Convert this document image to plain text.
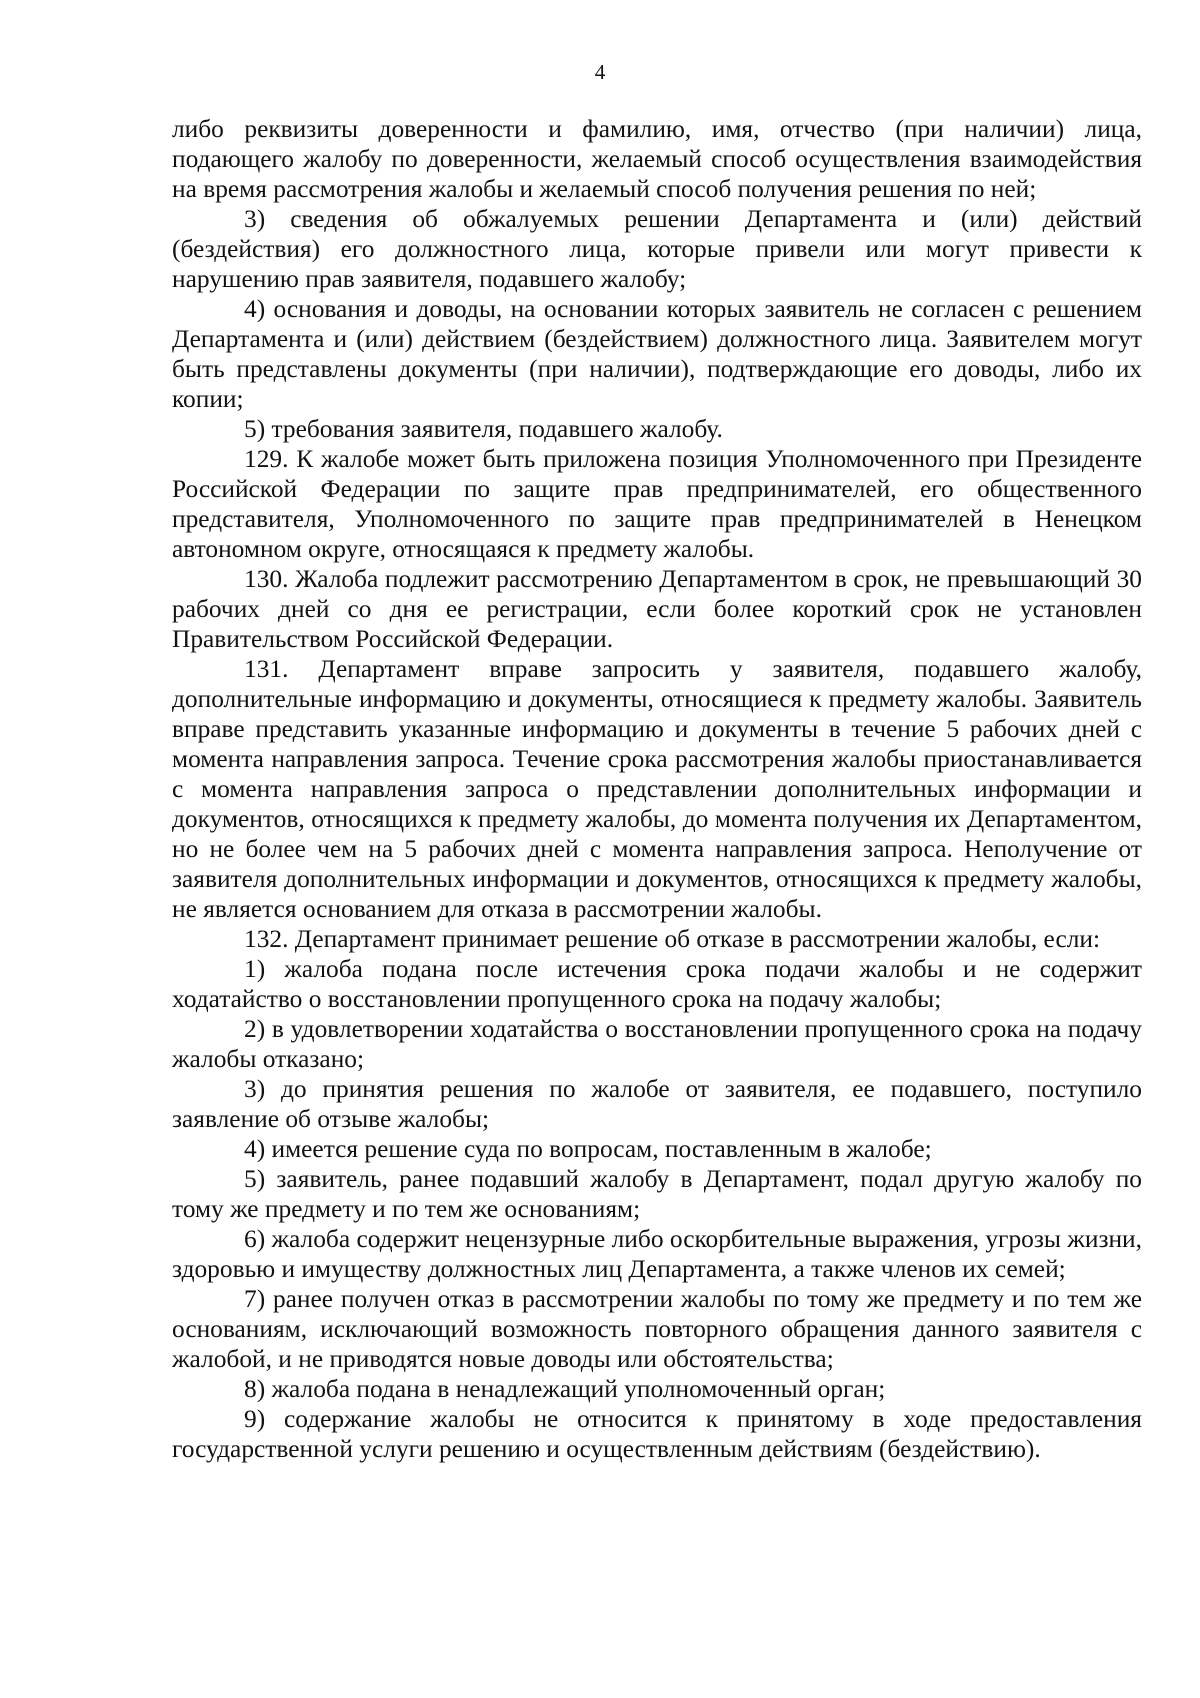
4

либо реквизиты доверенности и фамилию, имя, отчество (при наличии) лица, подающего жалобу по доверенности, желаемый способ осуществления взаимодействия на время рассмотрения жалобы и желаемый способ получения решения по ней;

3) сведения об обжалуемых решении Департамента и (или) действий (бездействия) его должностного лица, которые привели или могут привести к нарушению прав заявителя, подавшего жалобу;

4) основания и доводы, на основании которых заявитель не согласен с решением Департамента и (или) действием (бездействием) должностного лица. Заявителем могут быть представлены документы (при наличии), подтверждающие его доводы, либо их копии;

5) требования заявителя, подавшего жалобу.

129. К жалобе может быть приложена позиция Уполномоченного при Президенте Российской Федерации по защите прав предпринимателей, его общественного представителя, Уполномоченного по защите прав предпринимателей в Ненецком автономном округе, относящаяся к предмету жалобы.

130. Жалоба подлежит рассмотрению Департаментом в срок, не превышающий 30 рабочих дней со дня ее регистрации, если более короткий срок не установлен Правительством Российской Федерации.

131. Департамент вправе запросить у заявителя, подавшего жалобу, дополнительные информацию и документы, относящиеся к предмету жалобы. Заявитель вправе представить указанные информацию и документы в течение 5 рабочих дней с момента направления запроса. Течение срока рассмотрения жалобы приостанавливается с момента направления запроса о представлении дополнительных информации и документов, относящихся к предмету жалобы, до момента получения их Департаментом, но не более чем на 5 рабочих дней с момента направления запроса. Неполучение от заявителя дополнительных информации и документов, относящихся к предмету жалобы, не является основанием для отказа в рассмотрении жалобы.

132. Департамент принимает решение об отказе в рассмотрении жалобы, если:

1) жалоба подана после истечения срока подачи жалобы и не содержит ходатайство о восстановлении пропущенного срока на подачу жалобы;

2) в удовлетворении ходатайства о восстановлении пропущенного срока на подачу жалобы отказано;

3) до принятия решения по жалобе от заявителя, ее подавшего, поступило заявление об отзыве жалобы;

4) имеется решение суда по вопросам, поставленным в жалобе;

5) заявитель, ранее подавший жалобу в Департамент, подал другую жалобу по тому же предмету и по тем же основаниям;

6) жалоба содержит нецензурные либо оскорбительные выражения, угрозы жизни, здоровью и имуществу должностных лиц Департамента, а также членов их семей;

7) ранее получен отказ в рассмотрении жалобы по тому же предмету и по тем же основаниям, исключающий возможность повторного обращения данного заявителя с жалобой, и не приводятся новые доводы или обстоятельства;

8) жалоба подана в ненадлежащий уполномоченный орган;

9) содержание жалобы не относится к принятому в ходе предоставления государственной услуги решению и осуществленным действиям (бездействию).
